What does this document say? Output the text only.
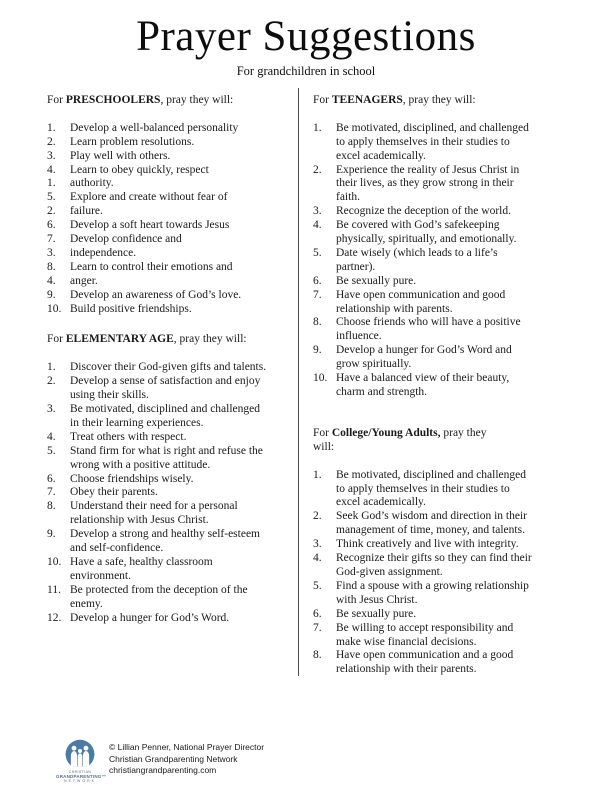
Prayer Suggestions
For grandchildren in school
For PRESCHOOLERS, pray they will:
1.	Develop a well-balanced personality
2.	Learn problem resolutions.
3.	Play well with others.
4.	Learn to obey quickly, respect
1.	authority.
5.	Explore and create without fear of
2.	failure.
6.	Develop a soft heart towards Jesus
7.	Develop confidence and
3.	independence.
8.	Learn to control their emotions and
4.	anger.
9.	Develop an awareness of God’s love.
10. Build positive friendships.
For ELEMENTARY AGE, pray they will:
1.	Discover their God-given gifts and talents.
2.	Develop a sense of satisfaction and enjoy
using their skills.
3.	Be motivated, disciplined and challenged
in their learning experiences.
4.	Treat others with respect.
5.	Stand firm for what is right and refuse the
wrong with a positive attitude.
6.	Choose friendships wisely.
7.	Obey their parents.
8.	Understand their need for a personal
relationship with Jesus Christ.
9.	Develop a strong and healthy self-esteem
and self-confidence.
10. Have a safe, healthy classroom
environment.
11. Be protected from the deception of the
enemy.
12. Develop a hunger for God’s Word.
For TEENAGERS, pray they will:
1.	Be motivated, disciplined, and challenged
to apply themselves in their studies to
excel academically.
2.	Experience the reality of Jesus Christ in
their lives, as they grow strong in their
faith.
3.	Recognize the deception of the world.
4.	Be covered with God’s safekeeping
physically, spiritually, and emotionally.
5.	Date wisely (which leads to a life’s
partner).
6.	Be sexually pure.
7.	Have open communication and good
relationship with parents.
8.	Choose friends who will have a positive
influence.
9.	Develop a hunger for God’s Word and
grow spiritually.
10. Have a balanced view of their beauty,
charm and strength.
For College/Young Adults, pray they
will:
1.	Be motivated, disciplined and challenged
to apply themselves in their studies to
excel academically.
2.	Seek God’s wisdom and direction in their
management of time, money, and talents.
3.	Think creatively and live with integrity.
4.	Recognize their gifts so they can find their
God-given assignment.
5.	Find a spouse with a growing relationship
with Jesus Christ.
6.	Be sexually pure.
7.	Be willing to accept responsibility and
make wise financial decisions.
8.	Have open communication and a good
relationship with their parents.
CHRISTIAN
GRANDPARENTING™
NETWORK
© Lillian Penner, National Prayer Director
Christian Grandparenting Network
christiangrandparenting.com
